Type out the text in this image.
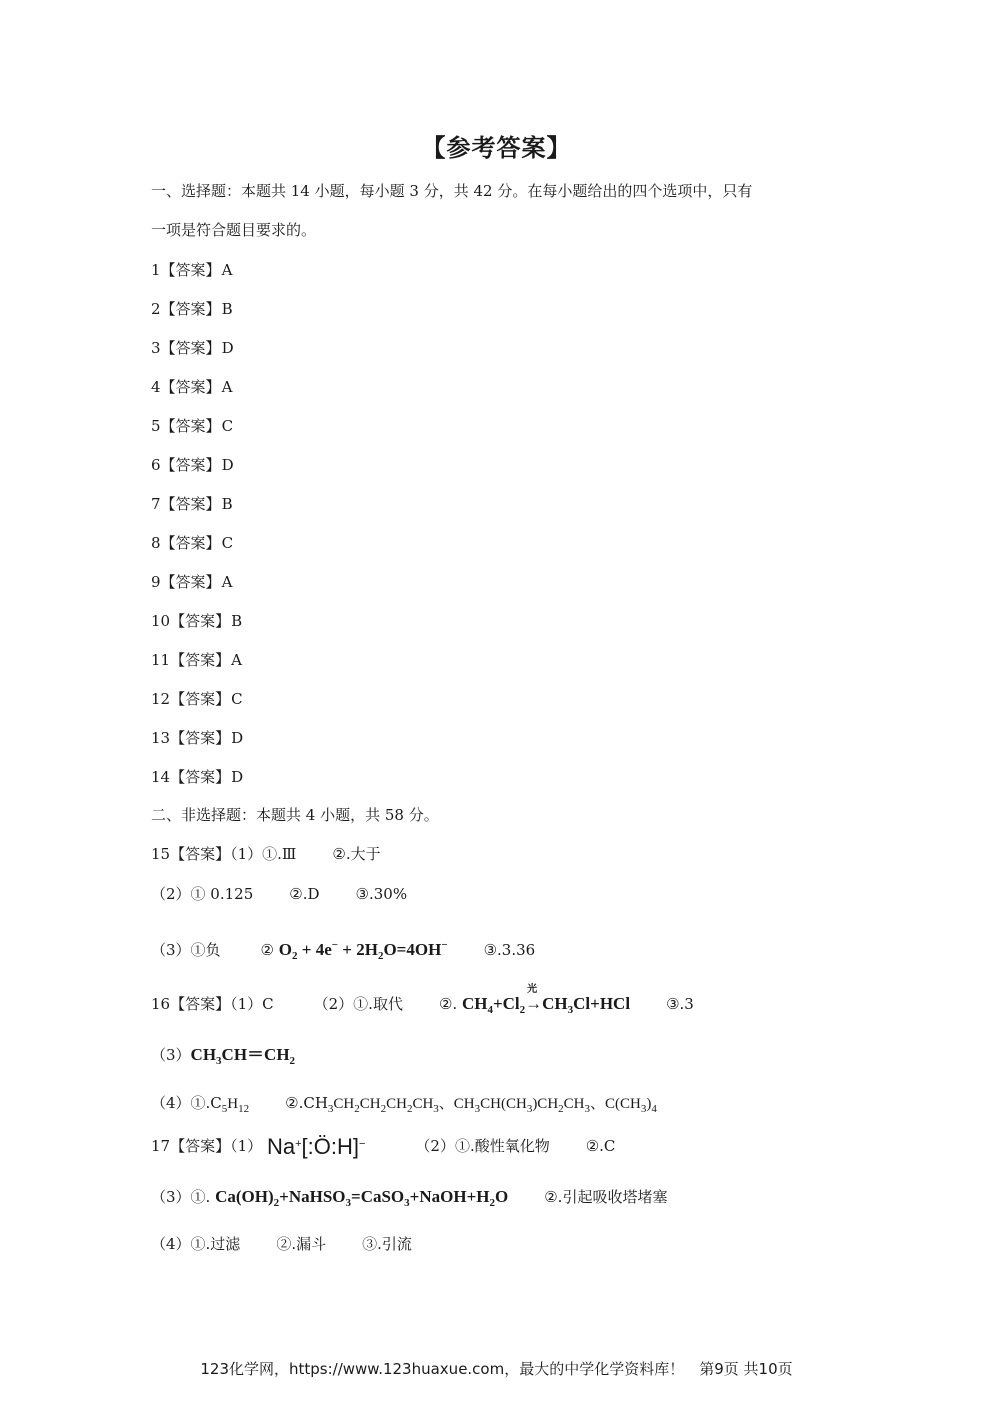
【参考答案】
一、选择题：本题共 14 小题，每小题 3 分，共 42 分。在每小题给出的四个选项中，只有
一项是符合题目要求的。
1【答案】A
2【答案】B
3【答案】D
4【答案】A
5【答案】C
6【答案】D
7【答案】B
8【答案】C
9【答案】A
10【答案】B
11【答案】A
12【答案】C
13【答案】D
14【答案】D
二、非选择题：本题共 4 小题，共 58 分。
15【答案】（1）①.Ⅲ ②.大于
（2）① 0.125 ②.D ③.30%
（3）①负	② $O_2 + 4e^- + 2H_2O=4OH^-$ ③.3.36
16【答案】（1）C	（2）①.取代 ②. $CH_4+Cl_2$
光
$\to CH_3Cl+HCl$ ③.3
$(3)CH_3CH=CH_2$
$(4)①.C_5H_{12}$ $②.CH_3CH_2CH_2CH_2CH_3$、$CH_3CH(CH_3)CH_2CH_3$、$C(CH_3)_4$
17【答案】（1） Na+[:Ö:H]−	（2）①.酸性氧化物 ②.C
（3）①. $Ca(OH)_2+NaHSO_3=CaSO_3+NaOH+H_2O$ ②.引起吸收塔堵塞
（4）①.过滤 ②.漏斗 ③.引流
123化学网，https://www.123huaxue.com，最大的中学化学资料库！　第9页 共10页
